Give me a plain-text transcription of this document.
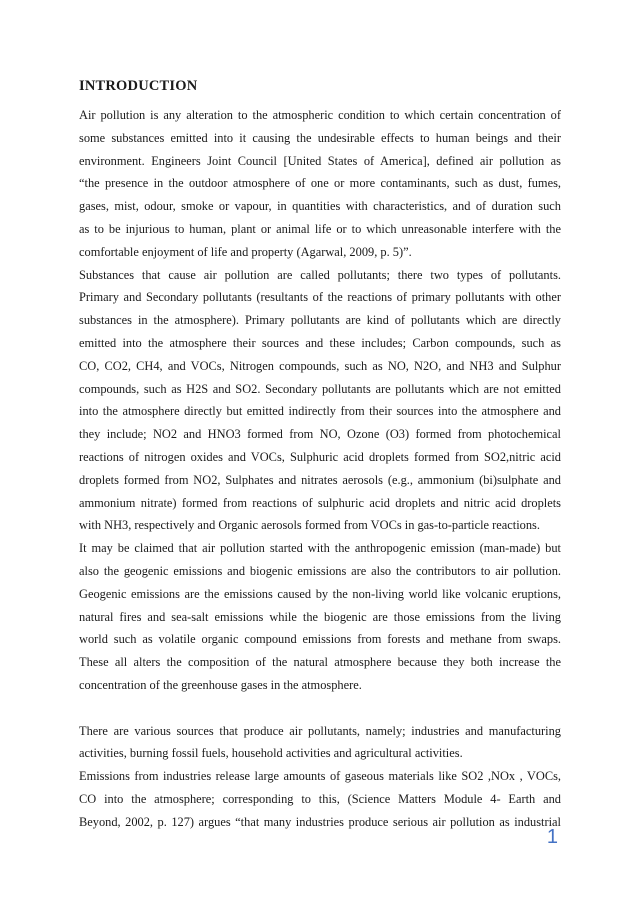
INTRODUCTION
Air pollution is any alteration to the atmospheric condition to which certain concentration of
some substances emitted into it causing the undesirable effects to human beings and their
environment. Engineers Joint Council [United States of America], defined air pollution as
“the presence in the outdoor atmosphere of one or more contaminants, such as dust, fumes,
gases, mist, odour, smoke or vapour, in quantities with characteristics, and of duration such
as to be injurious to human, plant or animal life or to which unreasonable interfere with the
comfortable enjoyment of life and property (Agarwal, 2009, p. 5)”.
Substances that cause air pollution are called pollutants; there two types of pollutants.
Primary and Secondary pollutants (resultants of the reactions of primary pollutants with other
substances in the atmosphere). Primary pollutants are kind of pollutants which are directly
emitted into the atmosphere their sources and these includes; Carbon compounds, such as
CO, CO2, CH4, and VOCs, Nitrogen compounds, such as NO, N2O, and NH3 and Sulphur
compounds, such as H2S and SO2. Secondary pollutants are pollutants which are not emitted
into the atmosphere directly but emitted indirectly from their sources into the atmosphere and
they include; NO2 and HNO3 formed from NO, Ozone (O3) formed from photochemical
reactions of nitrogen oxides and VOCs, Sulphuric acid droplets formed from SO2,nitric acid
droplets formed from NO2, Sulphates and nitrates aerosols (e.g., ammonium (bi)sulphate and
ammonium nitrate) formed from reactions of sulphuric acid droplets and nitric acid droplets
with NH3, respectively and Organic aerosols formed from VOCs in gas-to-particle reactions.
It may be claimed that air pollution started with the anthropogenic emission (man-made) but
also the geogenic emissions and biogenic emissions are also the contributors to air pollution.
Geogenic emissions are the emissions caused by the non-living world like volcanic eruptions,
natural fires and sea-salt emissions while the biogenic are those emissions from the living
world such as volatile organic compound emissions from forests and methane from swaps.
These all alters the composition of the natural atmosphere because they both increase the
concentration of the greenhouse gases in the atmosphere.
There are various sources that produce air pollutants, namely; industries and manufacturing
activities, burning fossil fuels, household activities and agricultural activities.
Emissions from industries release large amounts of gaseous materials like SO2 ,NOx , VOCs,
CO into the atmosphere; corresponding to this, (Science Matters Module 4- Earth and
Beyond, 2002, p. 127) argues “that many industries produce serious air pollution as industrial
1
